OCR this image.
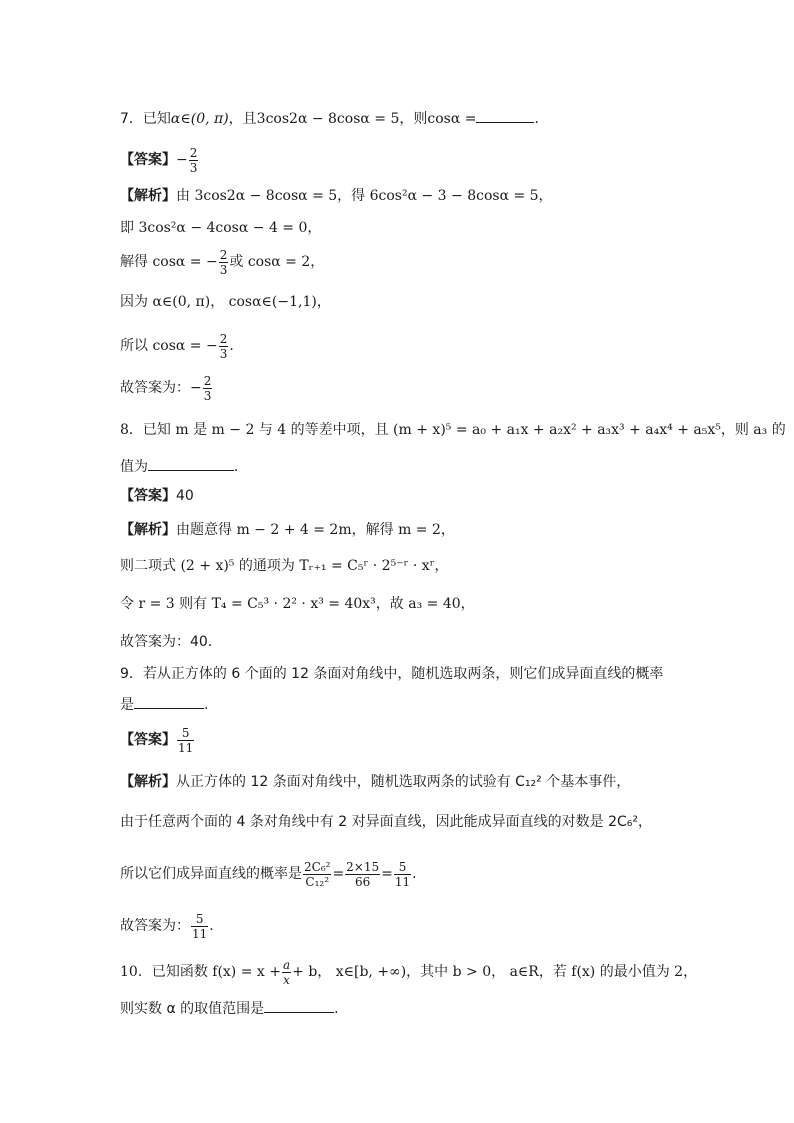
7．已知α∈(0, π)，且3cos2α − 8cosα = 5，则cosα =	．
【答案】− $\frac{2}{3}$
【解析】由 3cos2α − 8cosα = 5，得 6cos²α − 3 − 8cosα = 5，
即 3cos²α − 4cosα − 4 = 0，
解得 cosα = − $\frac{2}{3}$ 或 cosα = 2，
因为 α∈(0, π)， cosα∈(−1,1)，
所以 cosα = − $\frac{2}{3}$ .
故答案为：− $\frac{2}{3}$
8．已知 m 是 m − 2 与 4 的等差中项，且 (m + x)⁵ = a₀ + a₁x + a₂x² + a₃x³ + a₄x⁴ + a₅x⁵，则 a₃ 的
值为	．
【答案】40
【解析】由题意得 m − 2 + 4 = 2m，解得 m = 2，
则二项式 (2 + x)⁵ 的通项为 Tᵣ₊₁ = C₅ʳ · 2⁵⁻ʳ · xʳ，
令 r = 3 则有 T₄ = C₅³ · 2² · x³ = 40x³，故 a₃ = 40，
故答案为：40．
9．若从正方体的 6 个面的 12 条面对角线中，随机选取两条，则它们成异面直线的概率
是	.
【答案】 $\frac{5}{11}$
【解析】从正方体的 12 条面对角线中，随机选取两条的试验有 C₁₂² 个基本事件，
由于任意两个面的 4 条对角线中有 2 对异面直线，因此能成异面直线的对数是 2C₆²，
所以它们成异面直线的概率是 $\frac{\text{2C₆²}}{\text{C₁₂²}} = \frac{2\times 15}{66} = \frac{5}{11}$ .
故答案为： $\frac{5}{11}$ .
10．已知函数 $f(x) = x + \frac{a}{x} + b$， x∈[b, +∞)，其中 b > 0， a∈R，若 f(x) 的最小值为 2，
则实数 α 的取值范围是	.
